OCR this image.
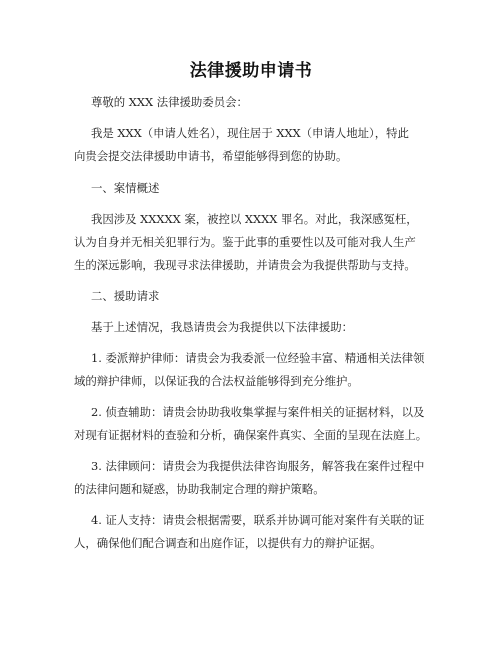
法律援助申请书
尊敬的 XXX 法律援助委员会：
我是 XXX（申请人姓名），现住居于 XXX（申请人地址），特此
向贵会提交法律援助申请书，希望能够得到您的协助。
一、案情概述
我因涉及 XXXXX 案，被控以 XXXX 罪名。对此，我深感冤枉，
认为自身并无相关犯罪行为。鉴于此事的重要性以及可能对我人生产
生的深远影响，我现寻求法律援助，并请贵会为我提供帮助与支持。
二、援助请求
基于上述情况，我恳请贵会为我提供以下法律援助：
1. 委派辩护律师：请贵会为我委派一位经验丰富、精通相关法律领
域的辩护律师，以保证我的合法权益能够得到充分维护。
2. 侦查辅助：请贵会协助我收集掌握与案件相关的证据材料，以及
对现有证据材料的查验和分析，确保案件真实、全面的呈现在法庭上。
3. 法律顾问：请贵会为我提供法律咨询服务，解答我在案件过程中
的法律问题和疑惑，协助我制定合理的辩护策略。
4. 证人支持：请贵会根据需要，联系并协调可能对案件有关联的证
人，确保他们配合调查和出庭作证，以提供有力的辩护证据。
